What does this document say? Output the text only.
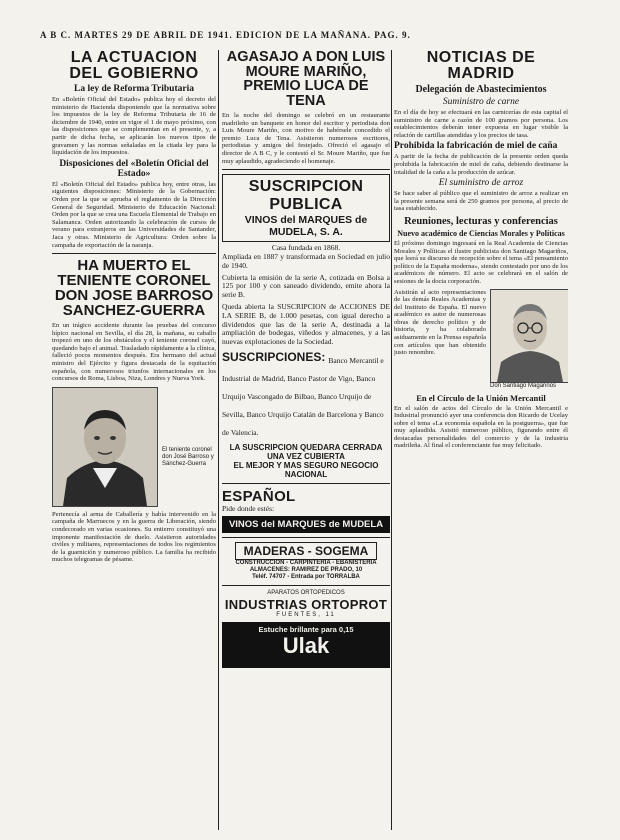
A B C. MARTES 29 DE ABRIL DE 1941. EDICION DE LA MAÑANA. PAG. 9.
LA ACTUACION DEL GOBIERNO
La ley de Reforma Tributaria

En «Boletín Oficial del Estado» publica hoy el decreto del ministerio de Hacienda disponiendo que la normativa sobre los impuestos de la ley de Reforma Tributaria de 16 de diciembre de 1940, entre en vigor el 1 de mayo próximo, con las disposiciones que se complementan en el presente, y, a partir de dicha fecha, se aplicarán los nuevos tipos de gravamen y las normas señaladas en la citada ley para la liquidación de los impuestos.

Disposiciones del «Boletín Oficial del Estado»

El «Boletín Oficial del Estado» publica hoy, entre otras, las siguientes disposiciones: Ministerio de la Gobernación: Orden por la que se aprueba el reglamento de la Dirección General de Seguridad. Ministerio de Educación Nacional: Orden por la que se crea una Escuela Elemental de Trabajo en Salamanca. Orden autorizando la celebración de cursos de verano para extranjeros en las Universidades de Santander, Jaca y otras. Ministerio de Agricultura: Orden sobre la campaña de exportación de la naranja.

HA MUERTO EL TENIENTE CORONEL DON JOSE BARROSO SANCHEZ-GUERRA

En un trágico accidente durante las pruebas del concurso hípico nacional en Sevilla, el día 28, la mañana, su caballo tropezó en uno de los obstáculos y el teniente coronel cayó, quedando bajo el animal. Trasladado rápidamente a la clínica, falleció pocos momentos después. Era hermano del actual ministro del Ejército y figura destacada de la equitación española, con numerosos triunfos internacionales en los concursos de Roma, Lisboa, Niza, Londres y Nueva York.

El teniente coronel don José Barroso y Sánchez-Guerra

Pertenecía al arma de Caballería y había intervenido en la campaña de Marruecos y en la guerra de Liberación, siendo condecorado en varias ocasiones. Su entierro constituyó una imponente manifestación de duelo. Asistieron autoridades civiles y militares, representaciones de todos los regimientos de la guarnición y numeroso público. La familia ha recibido muchos telegramas de pésame.

AGASAJO A DON LUIS MOURE MARIÑO, PREMIO LUCA DE TENA

En la noche del domingo se celebró en un restaurante madrileño un banquete en honor del escritor y periodista don Luis Moure Mariño, con motivo de habérsele concedido el premio Luca de Tena. Asistieron numerosos escritores, periodistas y amigos del festejado. Ofreció el agasajo el director de A B C, y le contestó el Sr. Moure Mariño, que fue muy aplaudido, agradeciendo el homenaje.

SUSCRIPCION PUBLICA
VINOS del MARQUES de MUDELA, S. A.
Casa fundada en 1868.
Ampliada en 1887 y transformada en Sociedad en julio de 1940.
Cubierta la emisión de la serie A, cotizada en Bolsa a 125 por 100 y con saneado dividendo, emite ahora la serie B.
Queda abierta la SUSCRIPCION de ACCIONES DE LA SERIE B, de 1.000 pesetas, con igual derecho a dividendos que las de la serie A, destinada a la ampliación de bodegas, viñedos y almacenes, y a las nuevas explotaciones de la Sociedad.
SUSCRIPCIONES: Banco Mercantil e Industrial de Madrid, Banco Pastor de Vigo, Banco Urquijo Vascongado de Bilbao, Banco Urquijo de Sevilla, Banco Urquijo Catalán de Barcelona y Banco de Valencia.
LA SUSCRIPCION QUEDARA CERRADA UNA VEZ CUBIERTA
EL MEJOR Y MAS SEGURO NEGOCIO NACIONAL
ESPAÑOL
Pide donde estés:
VINOS del MARQUES de MUDELA
MADERAS - SOGEMA
CONSTRUCCION - CARPINTERIA - EBANISTERIA
ALMACENES: RAMIREZ DE PRADO, 10
Teléf. 74707 - Entrada por TORRALBA
APARATOS ORTOPEDICOS
INDUSTRIAS ORTOPROT
FUENTES, 11
Estuche brillante para 0,15
Ulak
NOTICIAS DE MADRID
Delegación de Abastecimientos
Suministro de carne

En el día de hoy se efectuará en las carnicerías de esta capital el suministro de carne a razón de 100 gramos por persona. Los establecimientos deberán tener expuesta en lugar visible la relación de cartillas atendidas y los precios de tasa.

Prohibida la fabricación de miel de caña

A partir de la fecha de publicación de la presente orden queda prohibida la fabricación de miel de caña, debiendo destinarse la totalidad de la caña a la producción de azúcar.

El suministro de arroz

Se hace saber al público que el suministro de arroz a realizar en la presente semana será de 250 gramos por persona, al precio de tasa establecido.

Reuniones, lecturas y conferencias
Nuevo académico de Ciencias Morales y Políticas

El próximo domingo ingresará en la Real Academia de Ciencias Morales y Políticas el ilustre publicista don Santiago Magariños, que leerá su discurso de recepción sobre el tema «El pensamiento político de la España moderna», siendo contestado por uno de los académicos de número. El acto se celebrará en el salón de sesiones de la docta corporación.

Asistirán al acto representaciones de las demás Reales Academias y del Instituto de España. El nuevo académico es autor de numerosas obras de derecho político y de historia, y ha colaborado asiduamente en la Prensa española con artículos que han obtenido justo renombre.

Don Santiago Magariños
En el Círculo de la Unión Mercantil

En el salón de actos del Círculo de la Unión Mercantil e Industrial pronunció ayer una conferencia don Ricardo de Ucelay sobre el tema «La economía española en la postguerra», que fue muy aplaudida. Asistió numeroso público, figurando entre él destacadas personalidades del comercio y de la industria madrileña. Al final el conferenciante fue muy felicitado.
